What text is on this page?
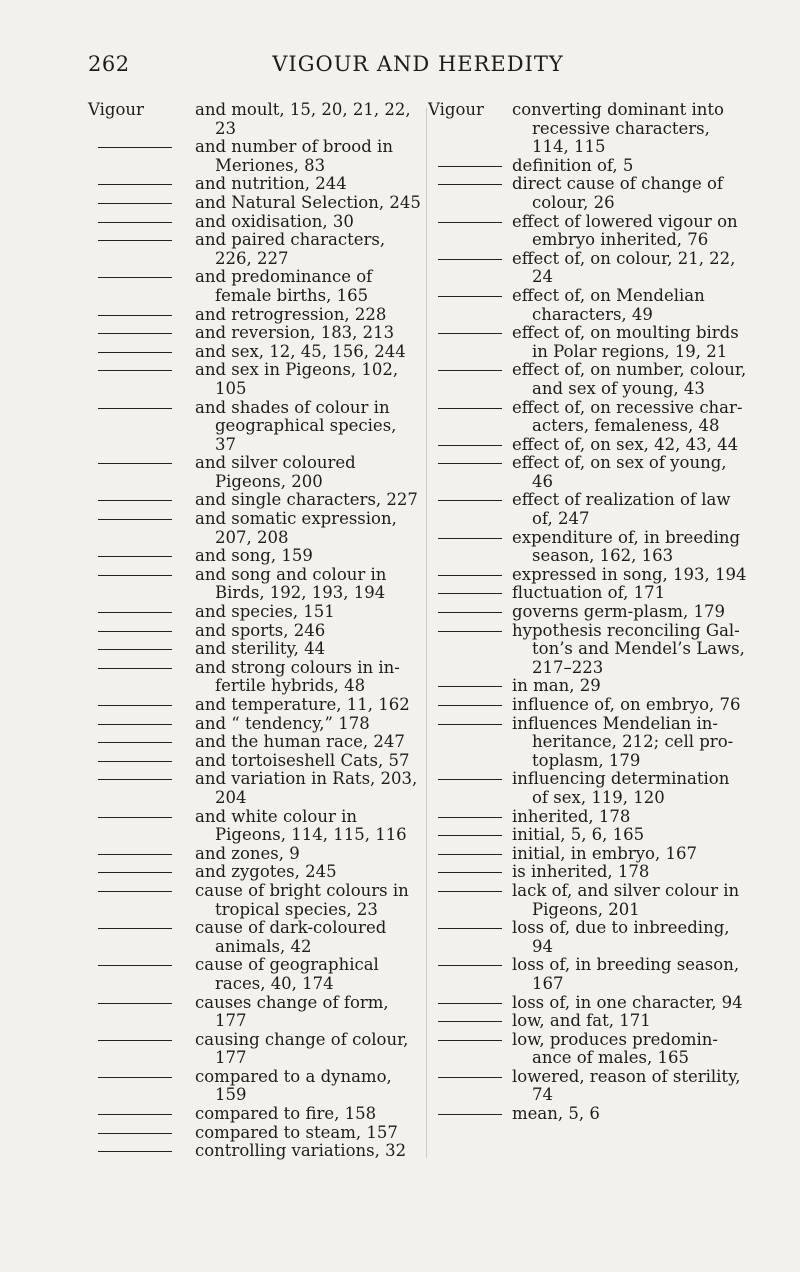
262	VIGOUR AND HEREDITY
Vigour	and moult, 15, 20, 21, 22, 23
and number of brood in Meriones, 83
and nutrition, 244
and Natural Selection, 245
and oxidisation, 30
and paired characters, 226, 227
and predominance of female births, 165
and retrogression, 228
and reversion, 183, 213
and sex, 12, 45, 156, 244
and sex in Pigeons, 102, 105
and shades of colour in geographical species, 37
and silver coloured Pigeons, 200
and single characters, 227
and somatic expression, 207, 208
and song, 159
and song and colour in Birds, 192, 193, 194
and species, 151
and sports, 246
and sterility, 44
and strong colours in in-fertile hybrids, 48
and temperature, 11, 162
and “ tendency,” 178
and the human race, 247
and tortoiseshell Cats, 57
and variation in Rats, 203, 204
and white colour in Pigeons, 114, 115, 116
and zones, 9
and zygotes, 245
cause of bright colours in tropical species, 23
cause of dark-coloured animals, 42
cause of geographical races, 40, 174
causes change of form, 177
causing change of colour, 177
compared to a dynamo, 159
compared to fire, 158
compared to steam, 157
controlling variations, 32
Vigour converting dominant into recessive characters, 114, 115
definition of, 5
direct cause of change of colour, 26
effect of lowered vigour on embryo inherited, 76
effect of, on colour, 21, 22, 24
effect of, on Mendelian characters, 49
effect of, on moulting birds in Polar regions, 19, 21
effect of, on number, colour, and sex of young, 43
effect of, on recessive char-acters, femaleness, 48
effect of, on sex, 42, 43, 44
effect of, on sex of young, 46
effect of realization of law of, 247
expenditure of, in breeding season, 162, 163
expressed in song, 193, 194
fluctuation of, 171
governs germ-plasm, 179
hypothesis reconciling Gal-ton’s and Mendel’s Laws, 217–223
in man, 29
influence of, on embryo, 76
influences Mendelian in-heritance, 212; cell pro-toplasm, 179
influencing determination of sex, 119, 120
inherited, 178
initial, 5, 6, 165
initial, in embryo, 167
is inherited, 178
lack of, and silver colour in Pigeons, 201
loss of, due to inbreeding, 94
loss of, in breeding season, 167
loss of, in one character, 94
low, and fat, 171
low, produces predomin-ance of males, 165
lowered, reason of sterility, 74
mean, 5, 6
